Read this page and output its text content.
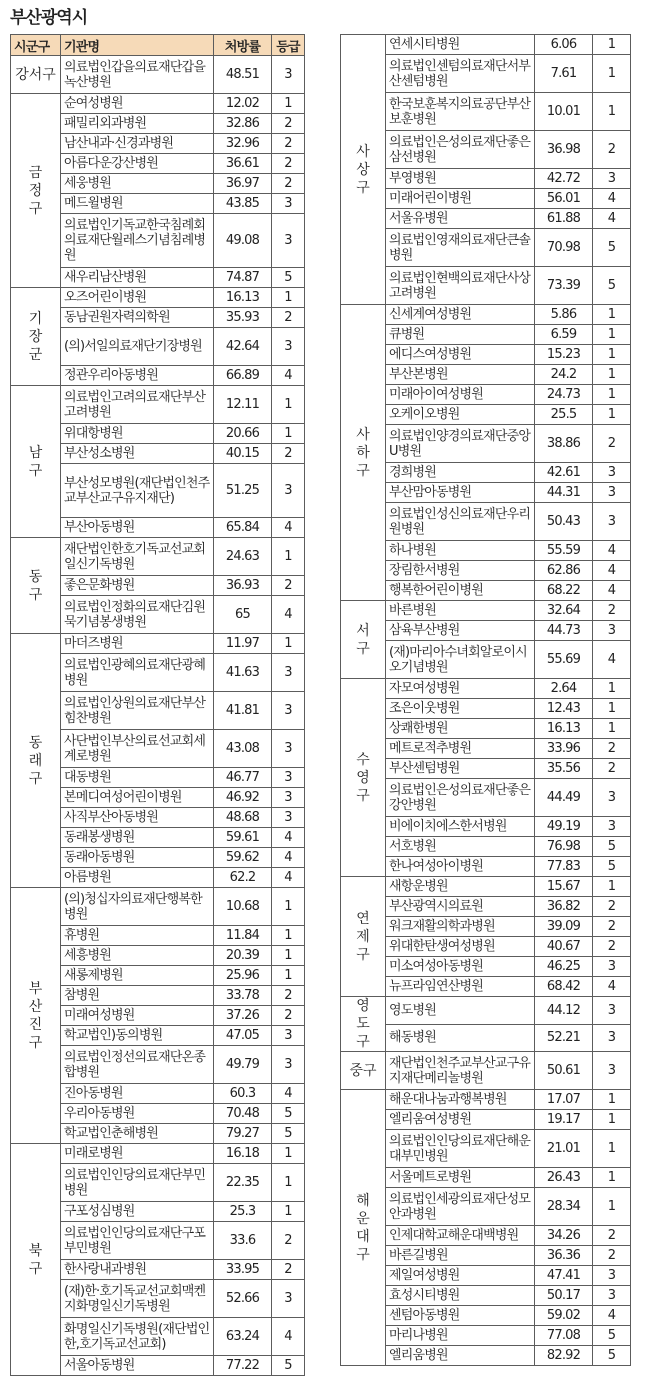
부산광역시
시군구	기관명	처방률	등급
강서구	의료법인갑을의료재단갑을녹산병원	48.51	3
금
정
구	순여성병원	12.02	1
	패밀리외과병원	32.86	2
	남산내과·신경과병원	32.96	2
	아름다운강산병원	36.61	2
	세웅병원	36.97	2
	메드윌병원	43.85	3
	의료법인기독교한국침례회의료재단월레스기념침례병원	49.08	3
	새우리남산병원	74.87	5
기
장
군	오즈어린이병원	16.13	1
	동남권원자력의학원	35.93	2
	(의)서일의료재단기장병원	42.64	3
	정관우리아동병원	66.89	4
남
구	의료법인고려의료재단부산고려병원	12.11	1
	위대항병원	20.66	1
	부산성소병원	40.15	2
	부산성모병원(재단법인천주교부산교구유지재단)	51.25	3
	부산아동병원	65.84	4
동
구	재단법인한호기독교선교회일신기독병원	24.63	1
	좋은문화병원	36.93	2
	의료법인정화의료재단김원묵기념봉생병원	65	4
동
래
구	마더즈병원	11.97	1
	의료법인광혜의료재단광혜병원	41.63	3
	의료법인상원의료재단부산힘찬병원	41.81	3
	사단법인부산의료선교회세계로병원	43.08	3
	대동병원	46.77	3
	본메디여성어린이병원	46.92	3
	사직부산아동병원	48.68	3
	동래봉생병원	59.61	4
	동래아동병원	59.62	4
	아름병원	62.2	4
부
산
진
구	(의)청십자의료재단행복한병원	10.68	1
	휴병원	11.84	1
	세흥병원	20.39	1
	새롱제병원	25.96	1
	참병원	33.78	2
	미래여성병원	37.26	2
	학교법인)동의병원	47.05	3
	의료법인정선의료재단온종합병원	49.79	3
	진아동병원	60.3	4
	우리아동병원	70.48	5
	학교법인춘해병원	79.27	5
북
구	미래로병원	16.18	1
	의료법인인당의료재단부민병원	22.35	1
	구포성심병원	25.3	1
	의료법인인당의료재단구포부민병원	33.6	2
	한사랑내과병원	33.95	2
	(재)한·호기독교선교회맥켄지화명일신기독병원	52.66	3
	화명일신기독병원(재단법인한,호기독교선교회)	63.24	4
	서울아동병원	77.22	5
사
상
구	연세시티병원	6.06	1
	의료법인센텀의료재단서부산센텀병원	7.61	1
	한국보훈복지의료공단부산보훈병원	10.01	1
	의료법인은성의료재단좋은삼선병원	36.98	2
	부영병원	42.72	3
	미래어린이병원	56.01	4
	서울유병원	61.88	4
	의료법인영재의료재단큰솔병원	70.98	5
	의료법인현백의료재단사상고려병원	73.39	5
사
하
구	신세계여성병원	5.86	1
	큐병원	6.59	1
	에디스여성병원	15.23	1
	부산본병원	24.2	1
	미래아이여성병원	24.73	1
	오케이오병원	25.5	1
	의료법인양경의료재단중앙U병원	38.86	2
	경희병원	42.61	3
	부산맘아동병원	44.31	3
	의료법인성신의료재단우리원병원	50.43	3
	하나병원	55.59	4
	장림한서병원	62.86	4
	행복한어린이병원	68.22	4
서
구	바른병원	32.64	2
	삼육부산병원	44.73	3
	(재)마리아수녀회알로이시오기념병원	55.69	4
수
영
구	자모여성병원	2.64	1
	조은이웃병원	12.43	1
	상쾌한병원	16.13	1
	메트로적추병원	33.96	2
	부산센텀병원	35.56	2
	의료법인은성의료재단좋은강안병원	44.49	3
	비에이치에스한서병원	49.19	3
	서호병원	76.98	5
	한나여성아이병원	77.83	5
연
제
구	새항운병원	15.67	1
	부산광역시의료원	36.82	2
	워크재활의학과병원	39.09	2
	위대한탄생여성병원	40.67	2
	미소여성아동병원	46.25	3
	뉴프라임연산병원	68.42	4
영
도
구	영도병원	44.12	3
	해동병원	52.21	3
중구	재단법인천주교부산교구유지재단메리놀병원	50.61	3
해
운
대
구	해운대나눔과행복병원	17.07	1
	엘리움여성병원	19.17	1
	의료법인인당의료재단해운대부민병원	21.01	1
	서울메트로병원	26.43	1
	의료법인세광의료재단성모안과병원	28.34	1
	인제대학교해운대백병원	34.26	2
	바른길병원	36.36	2
	제일여성병원	47.41	3
	효성시티병원	50.17	3
	센텀아동병원	59.02	4
	마리나병원	77.08	5
	엘리움병원	82.92	5
